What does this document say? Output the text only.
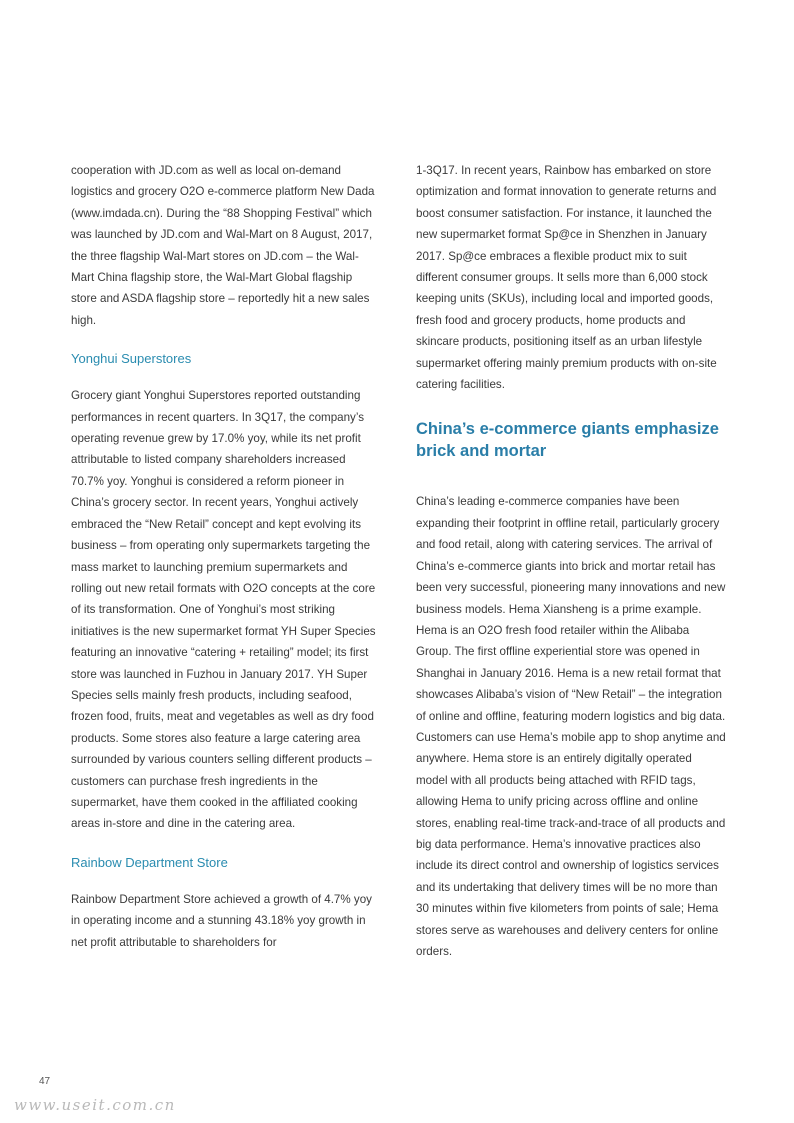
cooperation with JD.com as well as local on-demand logistics and grocery O2O e-commerce platform New Dada (www.imdada.cn). During the “88 Shopping Festival” which was launched by JD.com and Wal-Mart on 8 August, 2017, the three flagship Wal-Mart stores on JD.com – the Wal-Mart China flagship store, the Wal-Mart Global flagship store and ASDA flagship store – reportedly hit a new sales high.

Yonghui Superstores

Grocery giant Yonghui Superstores reported outstanding performances in recent quarters. In 3Q17, the company’s operating revenue grew by 17.0% yoy, while its net profit attributable to listed company shareholders increased 70.7% yoy. Yonghui is considered a reform pioneer in China’s grocery sector. In recent years, Yonghui actively embraced the “New Retail” concept and kept evolving its business – from operating only supermarkets targeting the mass market to launching premium supermarkets and rolling out new retail formats with O2O concepts at the core of its transformation. One of Yonghui’s most striking initiatives is the new supermarket format YH Super Species featuring an innovative “catering + retailing” model; its first store was launched in Fuzhou in January 2017. YH Super Species sells mainly fresh products, including seafood, frozen food, fruits, meat and vegetables as well as dry food products. Some stores also feature a large catering area surrounded by various counters selling different products – customers can purchase fresh ingredients in the supermarket, have them cooked in the affiliated cooking areas in-store and dine in the catering area.

Rainbow Department Store

Rainbow Department Store achieved a growth of 4.7% yoy in operating income and a stunning 43.18% yoy growth in net profit attributable to shareholders for

1-3Q17. In recent years, Rainbow has embarked on store optimization and format innovation to generate returns and boost consumer satisfaction. For instance, it launched the new supermarket format Sp@ce in Shenzhen in January 2017. Sp@ce embraces a flexible product mix to suit different consumer groups. It sells more than 6,000 stock keeping units (SKUs), including local and imported goods, fresh food and grocery products, home products and skincare products, positioning itself as an urban lifestyle supermarket offering mainly premium products with on-site catering facilities.

China’s e-commerce giants emphasize brick and mortar

China’s leading e-commerce companies have been expanding their footprint in offline retail, particularly grocery and food retail, along with catering services. The arrival of China’s e-commerce giants into brick and mortar retail has been very successful, pioneering many innovations and new business models. Hema Xiansheng is a prime example. Hema is an O2O fresh food retailer within the Alibaba Group. The first offline experiential store was opened in Shanghai in January 2016. Hema is a new retail format that showcases Alibaba’s vision of “New Retail” – the integration of online and offline, featuring modern logistics and big data. Customers can use Hema’s mobile app to shop anytime and anywhere. Hema store is an entirely digitally operated model with all products being attached with RFID tags, allowing Hema to unify pricing across offline and online stores, enabling real-time track-and-trace of all products and big data performance. Hema’s innovative practices also include its direct control and ownership of logistics services and its undertaking that delivery times will be no more than 30 minutes within five kilometers from points of sale; Hema stores serve as warehouses and delivery centers for online orders.

47
www.useit.com.cn
